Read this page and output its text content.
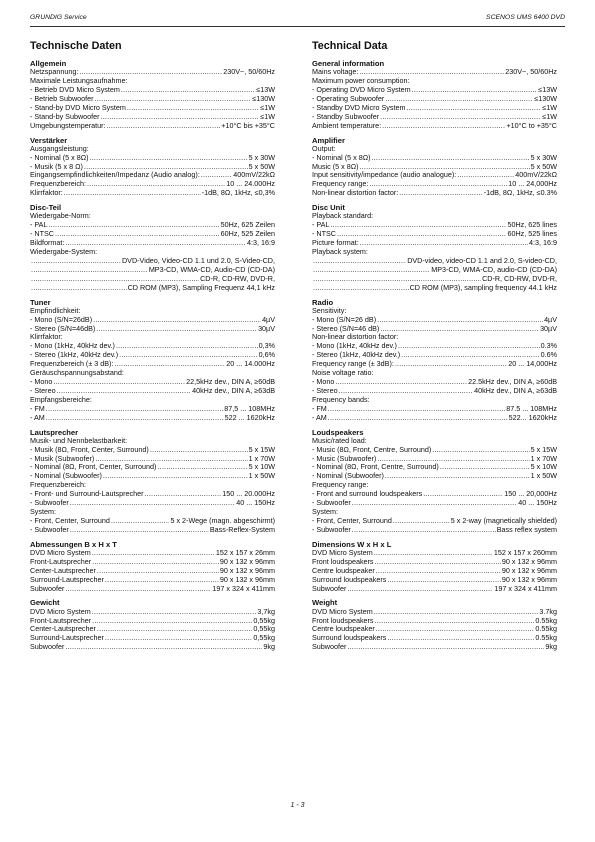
GRUNDIG Service	SCENOS UMS 6400 DVD
Technische Daten
Allgemein
Netzspannung: .....	230V~, 50/60Hz
Maximale Leistungsaufnahme:
- Betrieb DVD Micro System .....	≤13W
- Betrieb Subwoofer .....	≤130W
- Stand-by DVD Micro System .....	≤1W
- Stand-by Subwoofer .....	≤1W
Umgebungstemperatur: .....	+10°C bis +35°C
Verstärker
Ausgangsleistung:
- Nominal (5 x 8Ω) .....	5 x 30W
- Musik (5 x 8 Ω) .....	5 x 50W
Eingangsempfindlichkeiten/Impedanz (Audio analog): .....	400mV/22kΩ
Frequenzbereich: .....	10 ... 24.000Hz
Klirrfaktor: .....	-1dB, 8Ω, 1kHz, ≤0,3%
Disc-Teil
Wiedergabe-Norm:
- PAL .....	50Hz, 625 Zeilen
- NTSC .....	60Hz, 525 Zeilen
Bildformat: .....	4:3, 16:9
Wiedergabe-System:
.....
DVD-Video, Video-CD 1.1 und 2.0, S-Video-CD,
.....
MP3-CD, WMA-CD, Audio-CD (CD-DA)
.....
CD-R, CD-RW, DVD-R,
.....
CD ROM (MP3), Sampling Frequenz 44,1 kHz
Tuner
Empfindlichkeit:
- Mono (S/N=26dB) .....	4µV
- Stereo (S/N=46dB) .....	30µV
Klirrfaktor:
- Mono (1kHz, 40kHz dev.) .....	0,3%
- Stereo (1kHz, 40kHz dev.) .....	0,6%
Frequenzbereich (± 3 dB): .....	20 ... 14.000Hz
Geräuschspannungsabstand:
- Mono .....	22,5kHz dev., DIN A, ≥60dB
- Stereo .....	40kHz dev., DIN A, ≥63dB
Empfangsbereiche:
- FM .....	87,5 ... 108MHz
- AM .....	522 ... 1620kHz
Lautsprecher
Musik- und Nennbelastbarkeit:
- Musik (8Ω, Front, Center, Surround) .....	5 x 15W
- Musik (Subwoofer) .....	1 x 70W
- Nominal (8Ω, Front, Center, Surround) .....	5 x 10W
- Nominal (Subwoofer) .....	1 x 50W
Frequenzbereich:
- Front- und Surround-Lautsprecher .....	150 ... 20.000Hz
- Subwoofer .....	40 ... 150Hz
System:
- Front, Center, Surround .....	5 x 2-Wege (magn. abgeschirmt)
- Subwoofer .....	Bass-Reflex-System
Abmessungen B x H x T
DVD Micro System .....	152 x 157 x 26mm
Front-Lautsprecher .....	90 x 132 x 96mm
Center-Lautsprecher .....	90 x 132 x 96mm
Surround-Lautsprecher .....	90 x 132 x 96mm
Subwoofer .....	197 x 324 x 411mm
Gewicht
DVD Micro System .....	3,7kg
Front-Lautsprecher .....	0,55kg
Center-Lautsprecher .....	0,55kg
Surround-Lautsprecher .....	0,55kg
Subwoofer .....	9kg
Technical Data
General information
Mains voltage: .....	230V~, 50/60Hz
Maximum power consumption:
- Operating DVD Micro System .....	≤13W
- Operating Subwoofer .....	≤130W
- Standby DVD Micro System .....	≤1W
- Standby Subwoofer .....	≤1W
Ambient temperature: .....	+10°C to +35°C
Amplifier
Output:
- Nominal (5 x 8Ω) .....	5 x 30W
Music (5 x 8Ω) .....	5 x 50W
Input sensitivity/impedance (audio analogue): .....	400mV/22kΩ
Frequency range: .....	10 ... 24,000Hz
Non-linear distortion factor: .....	-1dB, 8Ω, 1kHz, ≤0.3%
Disc Unit
Playback standard:
- PAL .....	50Hz, 625 lines
- NTSC .....	60Hz, 525 lines
Picture format: .....	4:3, 16:9
Playback system:
.....
DVD-video, video-CD 1.1 and 2.0, S-video-CD,
.....
MP3-CD, WMA-CD, audio-CD (CD-DA)
.....
CD-R, CD-RW, DVD-R,
.....
CD ROM (MP3), sampling frequency 44.1 kHz
Radio
Sensitivity:
- Mono (S/N=26 dB) .....	4µV
- Stereo (S/N=46 dB) .....	30µV
Non-linear distortion factor:
- Mono (1kHz, 40kHz dev.) .....	0.3%
- Stereo (1kHz, 40kHz dev.) .....	0.6%
Frequency range (± 3dB): .....	20 ... 14,000Hz
Noise voltage ratio:
- Mono .....	22.5kHz dev., DIN A, ≥60dB
- Stereo .....	40kHz dev., DIN A, ≥63dB
Frequency bands:
- FM .....	87.5 ... 108MHz
- AM .....	522... 1620kHz
Loudspeakers
Music/rated load:
- Music (8Ω, Front, Centre, Surround) .....	5 x 15W
- Music (Subwoofer) .....	1 x 70W
- Nominal (8Ω, Front, Centre, Surround) .....	5 x 10W
- Nominal (Subwoofer) .....	1 x 50W
Frequency range:
- Front and surround loudspeakers .....	150 ... 20,000Hz
- Subwoofer .....	40 ... 150Hz
System:
- Front, Center, Surround .....	5 x 2-way (magnetically shielded)
- Subwoofer .....	Bass reflex system
Dimensions W x H x L
DVD Micro System .....	152 x 157 x 260mm
Front loudspeakers .....	90 x 132 x 96mm
Centre loudspeaker .....	90 x 132 x 96mm
Surround loudspeakers .....	90 x 132 x 96mm
Subwoofer .....	197 x 324 x 411mm
Weight
DVD Micro System .....	3.7kg
Front loudspeakers .....	0.55kg
Centre loudspeaker .....	0.55kg
Surround loudspeakers .....	0.55kg
Subwoofer .....	9kg
1 - 3
